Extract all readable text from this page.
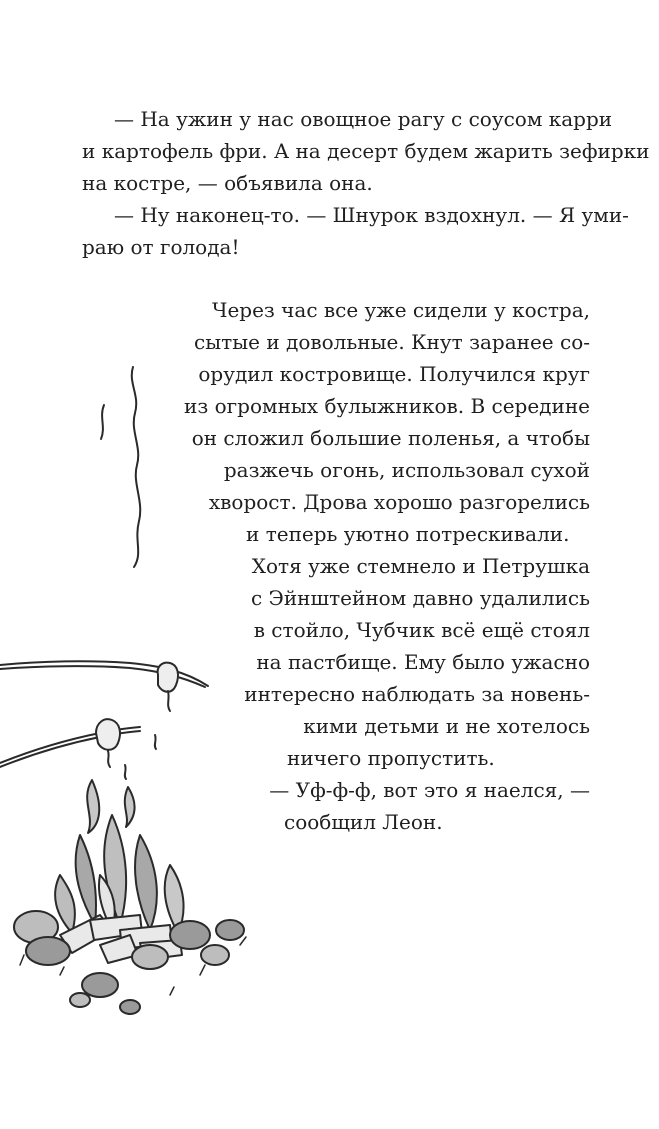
— На ужин у нас овощное рагу с соусом карри
и картофель фри. А на десерт будем жарить зефирки
на костре, — объявила она.
— Ну наконец-то. — Шнурок вздохнул. — Я уми-
раю от голода!
Через час все уже сидели у костра,
сытые и довольные. Кнут заранее со-
орудил костровище. Получился круг
из огромных булыжников. В середине
он сложил большие поленья, а чтобы
разжечь огонь, использовал сухой
хворост. Дрова хорошо разгорелись
и теперь уютно потрескивали.
Хотя уже стемнело и Петрушка
с Эйнштейном давно удалились
в стойло, Чубчик всё ещё стоял
на пастбище. Ему было ужасно
интересно наблюдать за новень-
кими детьми и не хотелось
ничего пропустить.
— Уф-ф-ф, вот это я наелся, —
сообщил Леон.
